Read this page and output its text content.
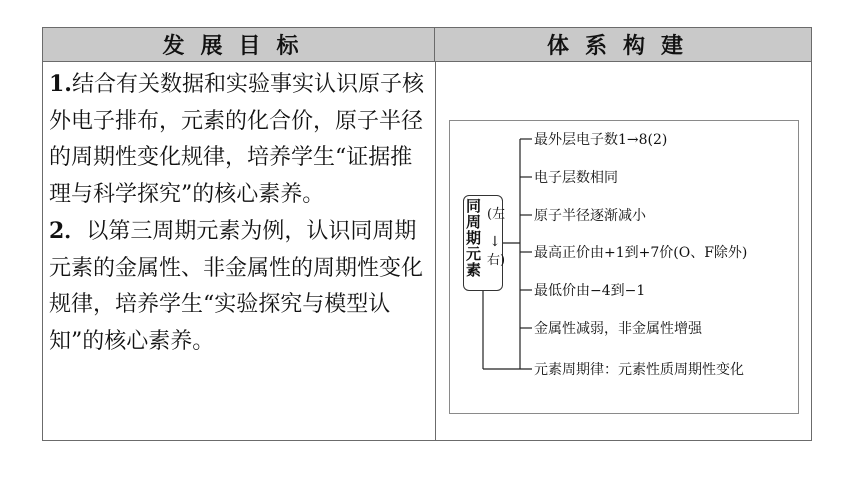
发展目标	体系构建

1.结合有关数据和实验事实认识原子核外电子排布，元素的化合价，原子半径的周期性变化规律，培养学生“证据推理与科学探究”的核心素养。

2．以第三周期元素为例，认识同周期元素的金属性、非金属性的周期性变化规律，培养学生“实验探究与模型认知”的核心素养。

同周期元素
(左
↓
右)
最外层电子数1→8(2)
电子层数相同
原子半径逐渐减小
最高正价由+1到+7价(O、F除外)
最低价由−4到−1
金属性减弱，非金属性增强
元素周期律：元素性质周期性变化
